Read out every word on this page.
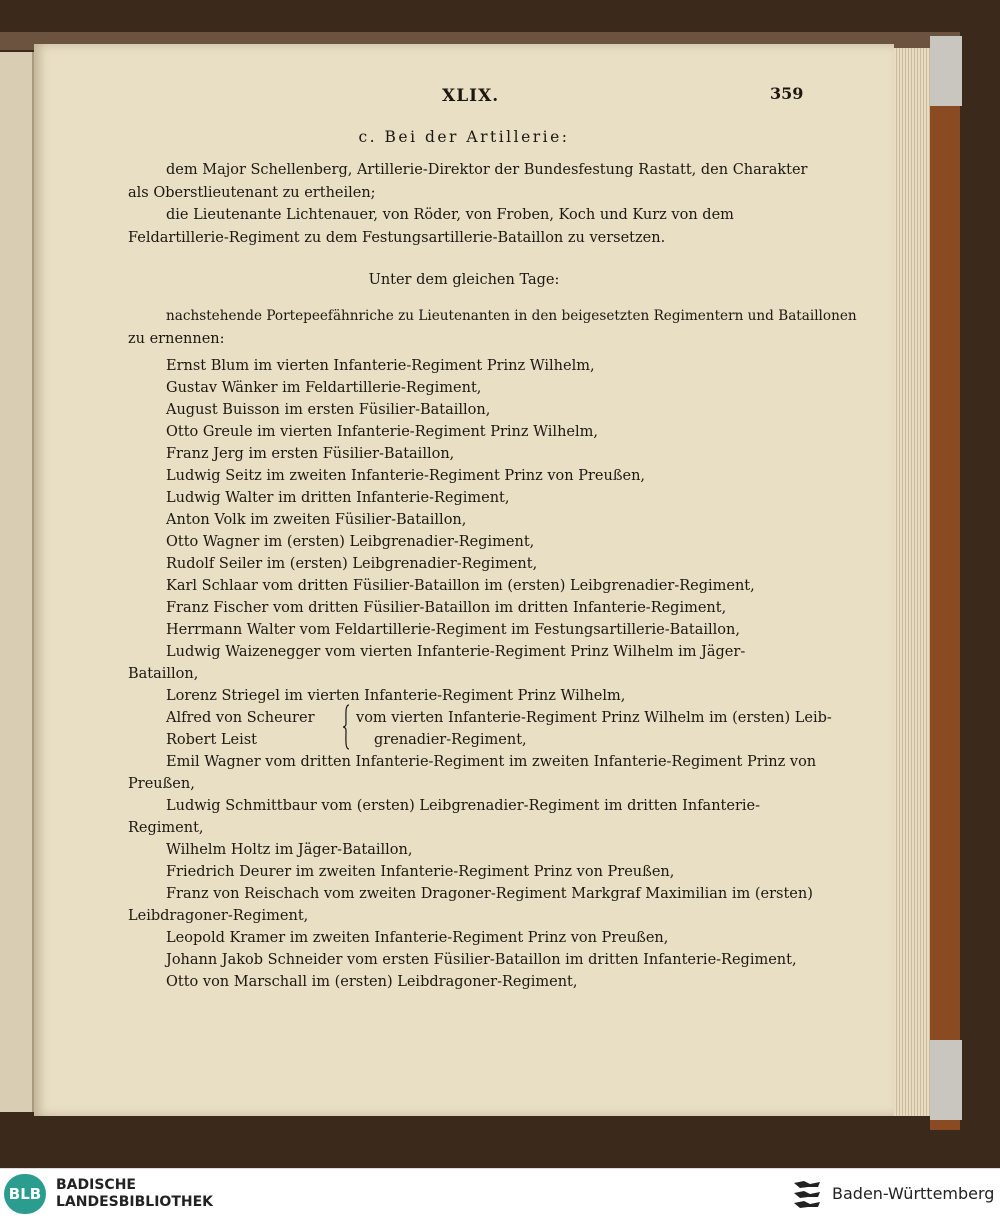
XLIX.	359
c. Bei der Artillerie:
dem Major Schellenberg, Artillerie-Direktor der Bundesfestung Rastatt, den Charakter
als Oberstlieutenant zu ertheilen;
die Lieutenante Lichtenauer, von Röder, von Froben, Koch und Kurz von dem
Feldartillerie-Regiment zu dem Festungsartillerie-Bataillon zu versetzen.
Unter dem gleichen Tage:
nachstehende Portepeefähnriche zu Lieutenanten in den beigesetzten Regimentern und Bataillonen
zu ernennen:
Ernst Blum im vierten Infanterie-Regiment Prinz Wilhelm,
Gustav Wänker im Feldartillerie-Regiment,
August Buisson im ersten Füsilier-Bataillon,
Otto Greule im vierten Infanterie-Regiment Prinz Wilhelm,
Franz Jerg im ersten Füsilier-Bataillon,
Ludwig Seitz im zweiten Infanterie-Regiment Prinz von Preußen,
Ludwig Walter im dritten Infanterie-Regiment,
Anton Volk im zweiten Füsilier-Bataillon,
Otto Wagner im (ersten) Leibgrenadier-Regiment,
Rudolf Seiler im (ersten) Leibgrenadier-Regiment,
Karl Schlaar vom dritten Füsilier-Bataillon im (ersten) Leibgrenadier-Regiment,
Franz Fischer vom dritten Füsilier-Bataillon im dritten Infanterie-Regiment,
Herrmann Walter vom Feldartillerie-Regiment im Festungsartillerie-Bataillon,
Ludwig Waizenegger vom vierten Infanterie-Regiment Prinz Wilhelm im Jäger-
Bataillon,
Lorenz Striegel im vierten Infanterie-Regiment Prinz Wilhelm,
Alfred von Scheurer
Robert Leist
vom vierten Infanterie-Regiment Prinz Wilhelm im (ersten) Leib-
grenadier-Regiment,
Emil Wagner vom dritten Infanterie-Regiment im zweiten Infanterie-Regiment Prinz von
Preußen,
Ludwig Schmittbaur vom (ersten) Leibgrenadier-Regiment im dritten Infanterie-
Regiment,
Wilhelm Holtz im Jäger-Bataillon,
Friedrich Deurer im zweiten Infanterie-Regiment Prinz von Preußen,
Franz von Reischach vom zweiten Dragoner-Regiment Markgraf Maximilian im (ersten)
Leibdragoner-Regiment,
Leopold Kramer im zweiten Infanterie-Regiment Prinz von Preußen,
Johann Jakob Schneider vom ersten Füsilier-Bataillon im dritten Infanterie-Regiment,
Otto von Marschall im (ersten) Leibdragoner-Regiment,
BLB	BADISCHE
LANDESBIBLIOTHEK	Baden-Württemberg
